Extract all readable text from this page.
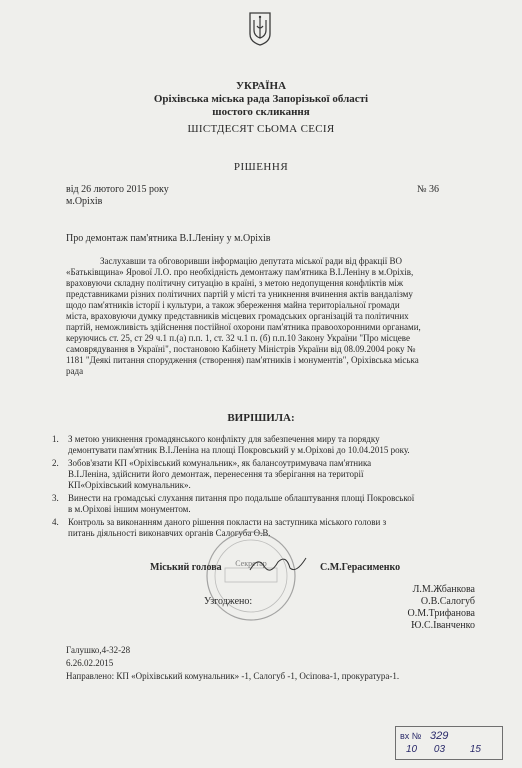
УКРАЇНА
Оріхівська міська рада Запорізької області
шостого скликання
ШІСТДЕСЯТ СЬОМА СЕСІЯ
РІШЕННЯ
від 26 лютого 2015 року	№ 36
м.Оріхів
Про демонтаж пам'ятника В.І.Леніну у м.Оріхів
Заслухавши та обговоривши інформацію депутата міської ради від фракції ВО
«Батьківщина» Ярової Л.О. про необхідність демонтажу пам'ятника В.І.Леніну в м.Оріхів,
враховуючи складну політичну ситуацію в країні, з метою недопущення конфліктів між
представниками різних політичних партій у місті та уникнення вчинення актів вандалізму
щодо пам'ятників історії і культури, а також збереження майна територіальної громади
міста, враховуючи думку представників місцевих громадських організацій та політичних
партій, неможливість здійснення постійної охорони пам'ятника правоохоронними органами,
керуючись ст. 25, ст 29 ч.1 п.(а) п.п. 1, ст. 32 ч.1 п. (б) п.п.10 Закону України "Про місцеве
самоврядування в Україні", постановою Кабінету Міністрів України від 08.09.2004 року №
1181 "Деякі питання спорудження (створення) пам'ятників і монументів", Оріхівська міська
рада
ВИРІШИЛА:
1. З метою уникнення громадянського конфлікту для забезпечення миру та порядку
демонтувати пам'ятник В.І.Леніна на площі Покровський у м.Оріхові до 10.04.2015 року.
2. Зобов'язати КП «Оріхівський комунальник», як балансоутримувача пам'ятника
В.І.Леніна, здійснити його демонтаж, перенесення та зберігання на території
КП«Оріхівський комунальник».
3. Винести на громадські слухання питання про подальше облаштування площі Покровської
в м.Оріхові іншим монументом.
4. Контроль за виконанням даного рішення покласти на заступника міського голови з
питань діяльності виконавчих органів Салогуба О.В.
Секретар
Міський голова	С.М.Герасименко
Узгоджено:
Л.М.Жбанкова
О.В.Салогуб
О.М.Трифанова
Ю.С.Іванченко
Галушко,4-32-28
6.26.02.2015
Направлено: КП «Оріхівський комунальник» -1, Салогуб -1, Осіпова-1, прокуратура-1.
вх № 329
10 03 15
